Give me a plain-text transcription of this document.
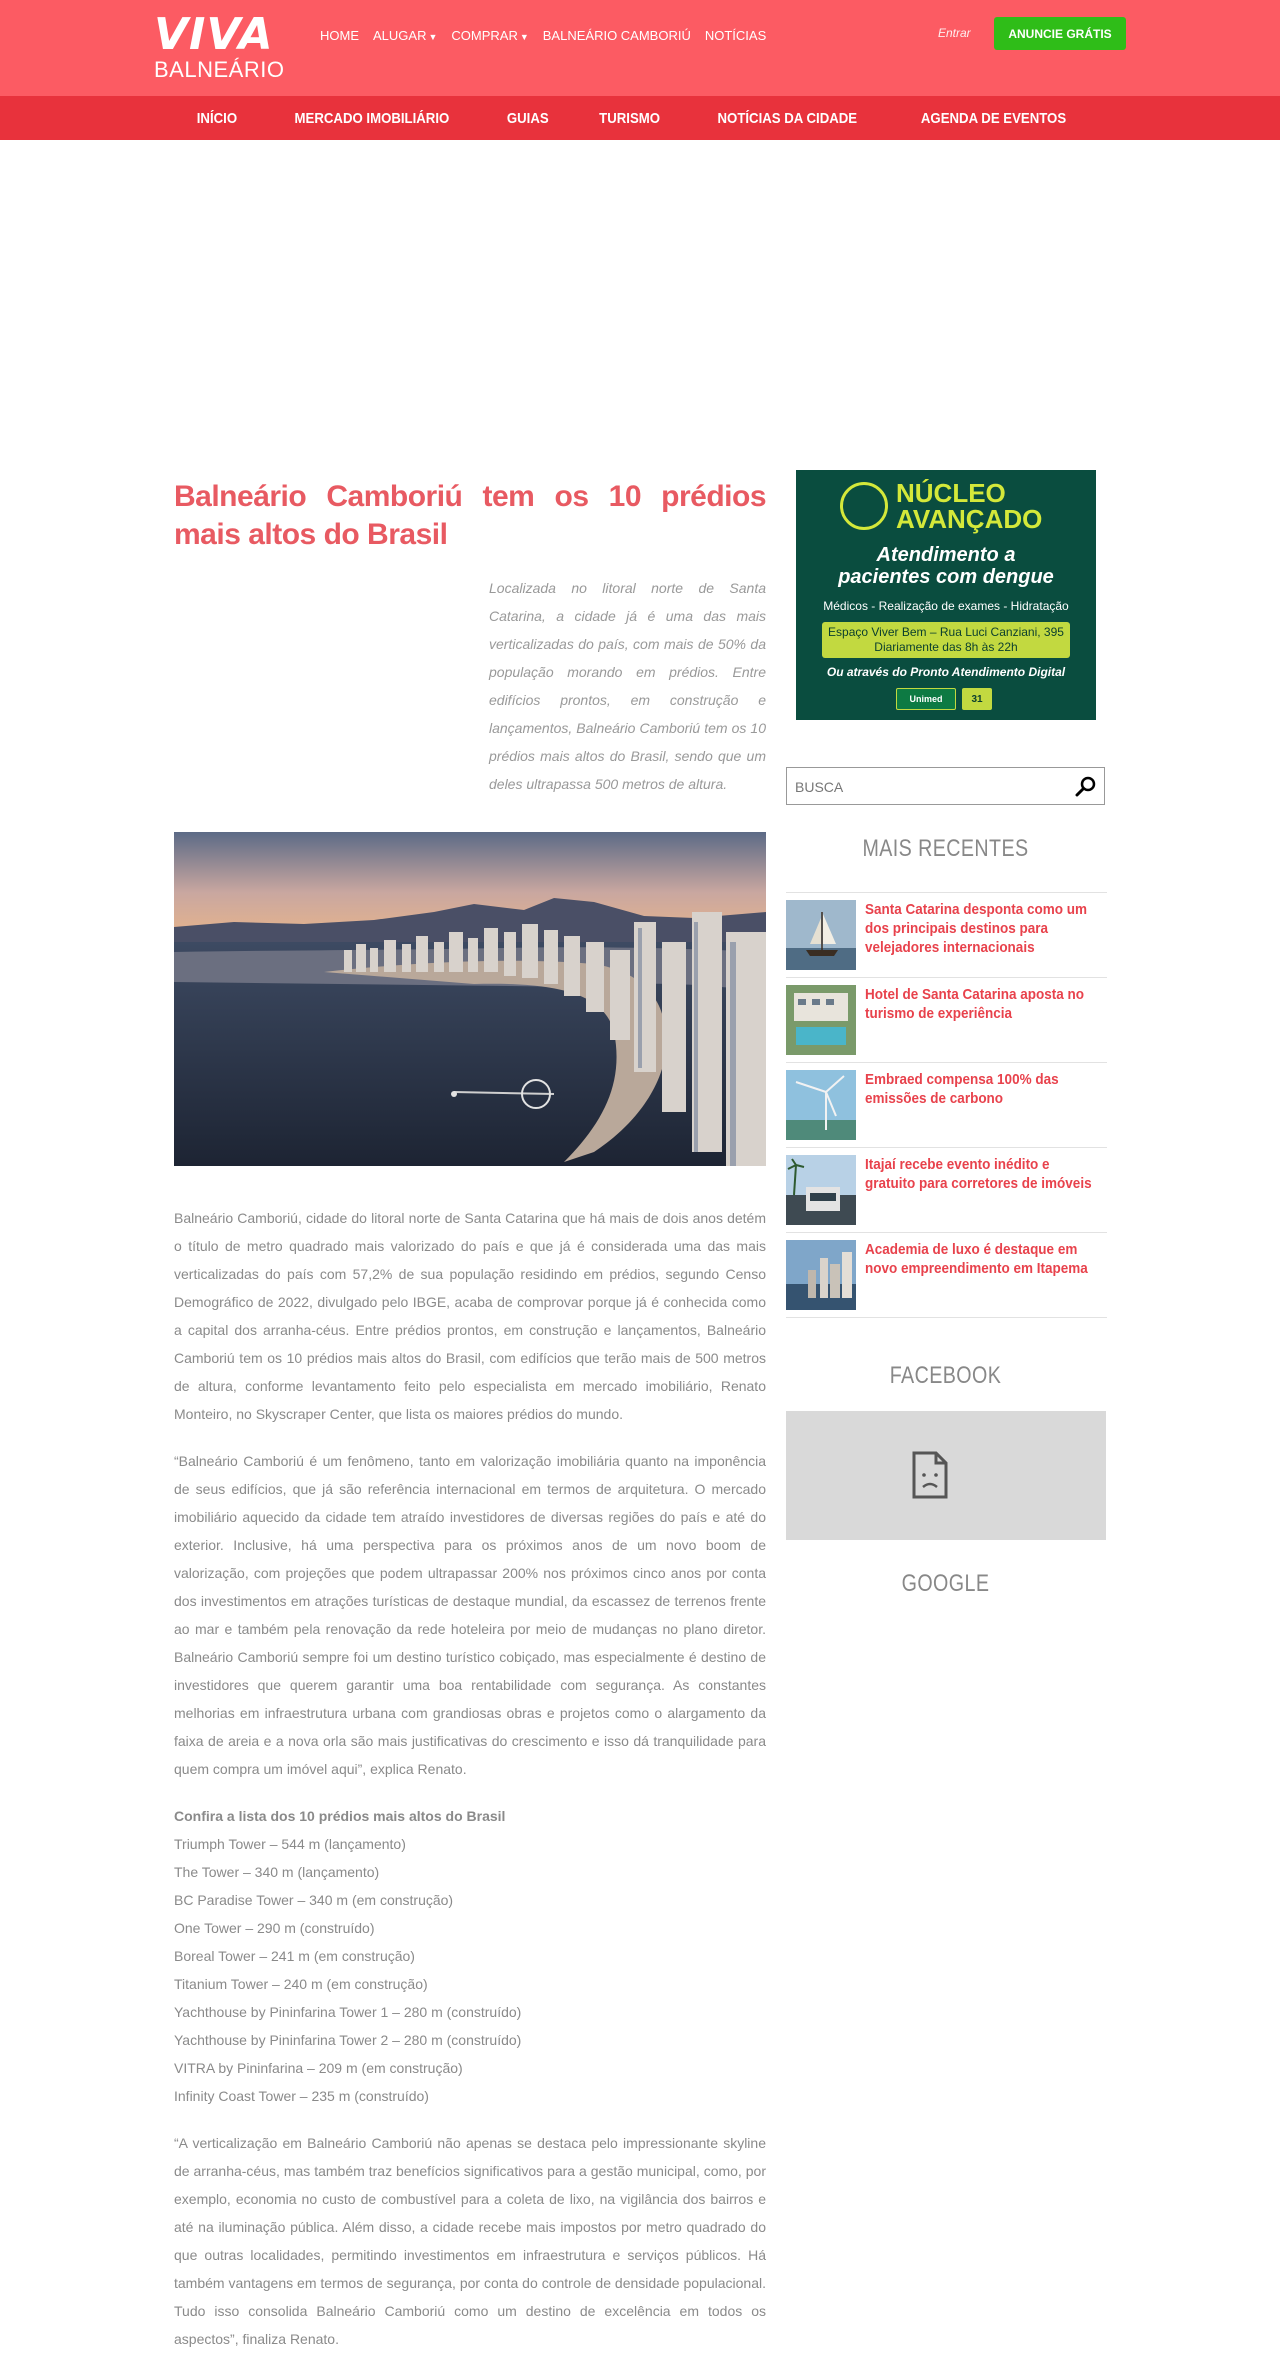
VIVA
BALNEÁRIO
HOME ALUGAR ▼ COMPRAR ▼ BALNEÁRIO CAMBORIÚ NOTÍCIAS	Entrar	ANUNCIE GRÁTIS
INÍCIO	MERCADO IMOBILIÁRIO	GUIAS	TURISMO	NOTÍCIAS DA CIDADE	AGENDA DE EVENTOS
Balneário Camboriú tem os 10 prédios mais altos do Brasil

Localizada no litoral norte de Santa Catarina, a cidade já é uma das mais verticalizadas do país, com mais de 50% da população morando em prédios. Entre edifícios prontos, em construção e lançamentos, Balneário Camboriú tem os 10 prédios mais altos do Brasil, sendo que um deles ultrapassa 500 metros de altura.

Balneário Camboriú, cidade do litoral norte de Santa Catarina que há mais de dois anos detém o título de metro quadrado mais valorizado do país e que já é considerada uma das mais verticalizadas do país com 57,2% de sua população residindo em prédios, segundo Censo Demográfico de 2022, divulgado pelo IBGE, acaba de comprovar porque já é conhecida como a capital dos arranha-céus. Entre prédios prontos, em construção e lançamentos, Balneário Camboriú tem os 10 prédios mais altos do Brasil, com edifícios que terão mais de 500 metros de altura, conforme levantamento feito pelo especialista em mercado imobiliário, Renato Monteiro, no Skyscraper Center, que lista os maiores prédios do mundo.

“Balneário Camboriú é um fenômeno, tanto em valorização imobiliária quanto na imponência de seus edifícios, que já são referência internacional em termos de arquitetura. O mercado imobiliário aquecido da cidade tem atraído investidores de diversas regiões do país e até do exterior. Inclusive, há uma perspectiva para os próximos anos de um novo boom de valorização, com projeções que podem ultrapassar 200% nos próximos cinco anos por conta dos investimentos em atrações turísticas de destaque mundial, da escassez de terrenos frente ao mar e também pela renovação da rede hoteleira por meio de mudanças no plano diretor. Balneário Camboriú sempre foi um destino turístico cobiçado, mas especialmente é destino de investidores que querem garantir uma boa rentabilidade com segurança. As constantes melhorias em infraestrutura urbana com grandiosas obras e projetos como o alargamento da faixa de areia e a nova orla são mais justificativas do crescimento e isso dá tranquilidade para quem compra um imóvel aqui”, explica Renato.

Confira a lista dos 10 prédios mais altos do Brasil
Triumph Tower – 544 m (lançamento)
The Tower – 340 m (lançamento)
BC Paradise Tower – 340 m (em construção)
One Tower – 290 m (construído)
Boreal Tower – 241 m (em construção)
Titanium Tower – 240 m (em construção)
Yachthouse by Pininfarina Tower 1 – 280 m (construído)
Yachthouse by Pininfarina Tower 2 – 280 m (construído)
VITRA by Pininfarina – 209 m (em construção)
Infinity Coast Tower – 235 m (construído)

“A verticalização em Balneário Camboriú não apenas se destaca pelo impressionante skyline de arranha-céus, mas também traz benefícios significativos para a gestão municipal, como, por exemplo, economia no custo de combustível para a coleta de lixo, na vigilância dos bairros e até na iluminação pública. Além disso, a cidade recebe mais impostos por metro quadrado do que outras localidades, permitindo investimentos em infraestrutura e serviços públicos. Há também vantagens em termos de segurança, por conta do controle de densidade populacional. Tudo isso consolida Balneário Camboriú como um destino de excelência em todos os aspectos”, finaliza Renato.

NÚCLEO
AVANÇADO
Atendimento a
pacientes com dengue
Médicos - Realização de exames - Hidratação
Espaço Viver Bem – Rua Luci Canziani, 395
Diariamente das 8h às 22h
Ou através do Pronto Atendimento Digital
Unimed	31
BUSCA
MAIS RECENTES
Santa Catarina desponta como um dos principais destinos para velejadores internacionais
Hotel de Santa Catarina aposta no turismo de experiência
Embraed compensa 100% das emissões de carbono
Itajaí recebe evento inédito e gratuito para corretores de imóveis
Academia de luxo é destaque em novo empreendimento em Itapema
FACEBOOK
GOOGLE
